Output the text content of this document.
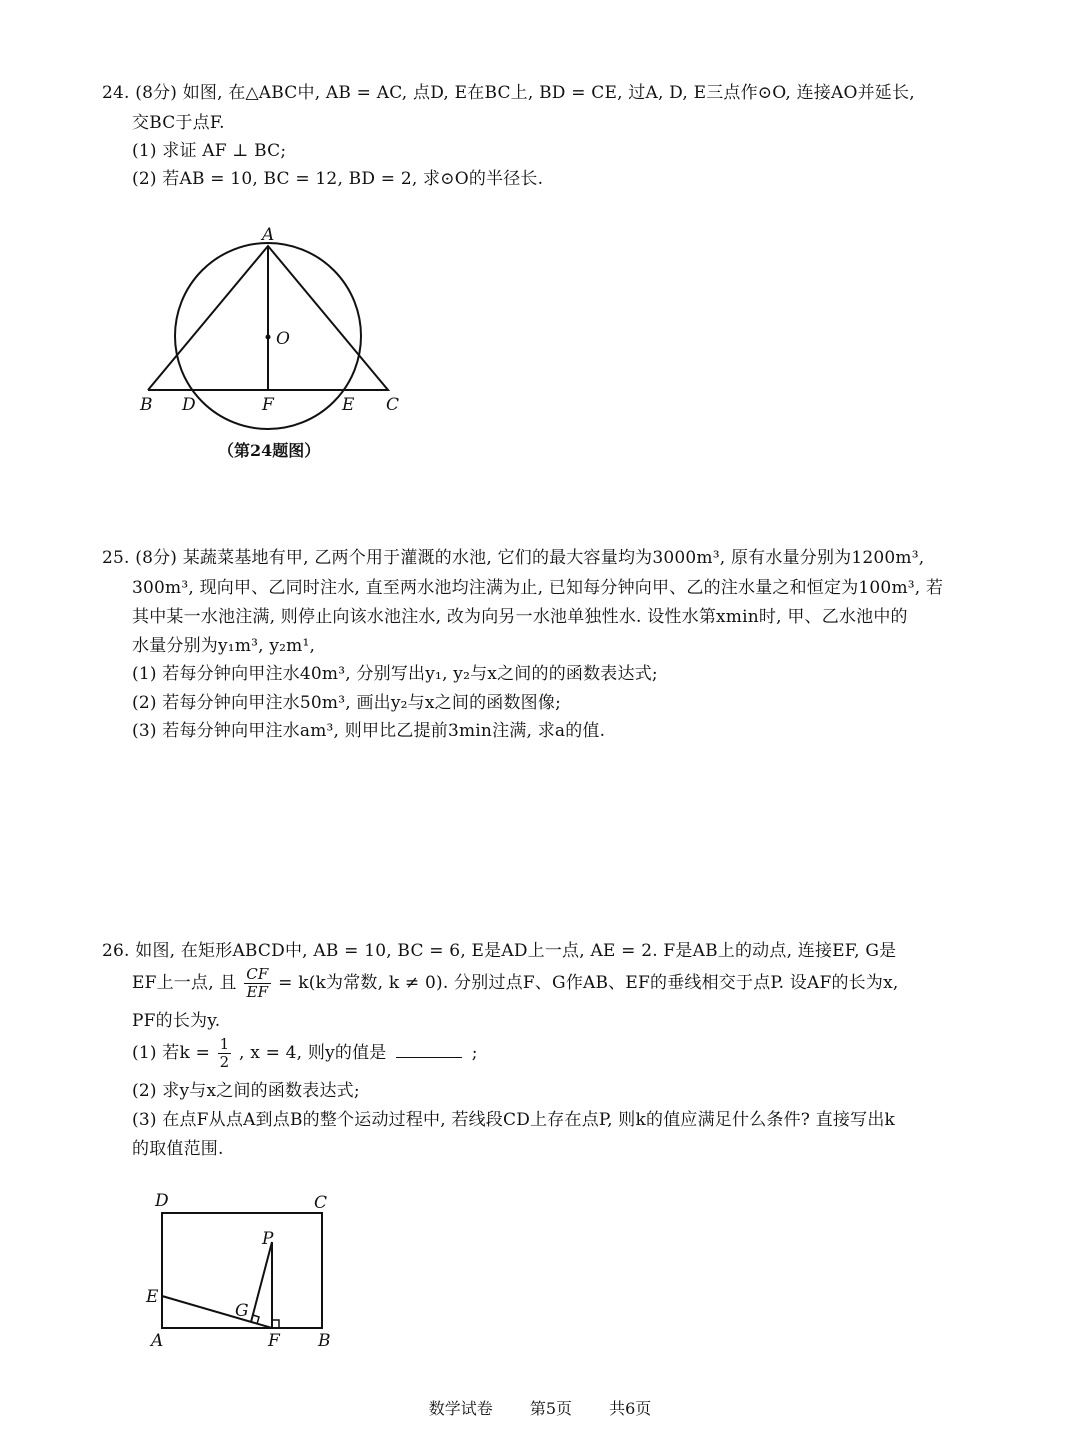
24. (8分) 如图, 在△ABC中, AB = AC, 点D, E在BC上, BD = CE, 过A, D, E三点作⊙O, 连接AO并延长,
交BC于点F.
(1) 求证 AF ⊥ BC;
(2) 若AB = 10, BC = 12, BD = 2, 求⊙O的半径长.
A
O
B D	F	E C
（第24题图）
25. (8分) 某蔬菜基地有甲, 乙两个用于灌溉的水池, 它们的最大容量均为3000m³, 原有水量分别为1200m³,
300m³, 现向甲、乙同时注水, 直至两水池均注满为止, 已知每分钟向甲、乙的注水量之和恒定为100m³, 若
其中某一水池注满, 则停止向该水池注水, 改为向另一水池单独性水. 设性水第xmin时, 甲、乙水池中的
水量分别为y₁m³, y₂m¹,
(1) 若每分钟向甲注水40m³, 分别写出y₁, y₂与x之间的的函数表达式;
(2) 若每分钟向甲注水50m³, 画出y₂与x之间的函数图像;
(3) 若每分钟向甲注水am³, 则甲比乙提前3min注满, 求a的值.
26. 如图, 在矩形ABCD中, AB = 10, BC = 6, E是AD上一点, AE = 2. F是AB上的动点, 连接EF, G是
EF上一点, 且 $\frac{CF}{EF} = k(k$为常数, k ≠ 0). 分别过点F、G作AB、EF的垂线相交于点P. 设AF的长为x,
PF的长为y.
(1) 若$k = \frac{1}{2}$ , x = 4, 则y的值是	;
(2) 求y与x之间的函数表达式;
(3) 在点F从点A到点B的整个运动过程中, 若线段CD上存在点P, 则k的值应满足什么条件? 直接写出k
的取值范围.
D	C
P
E
G
A	F B
数学试卷 第5页 共6页
